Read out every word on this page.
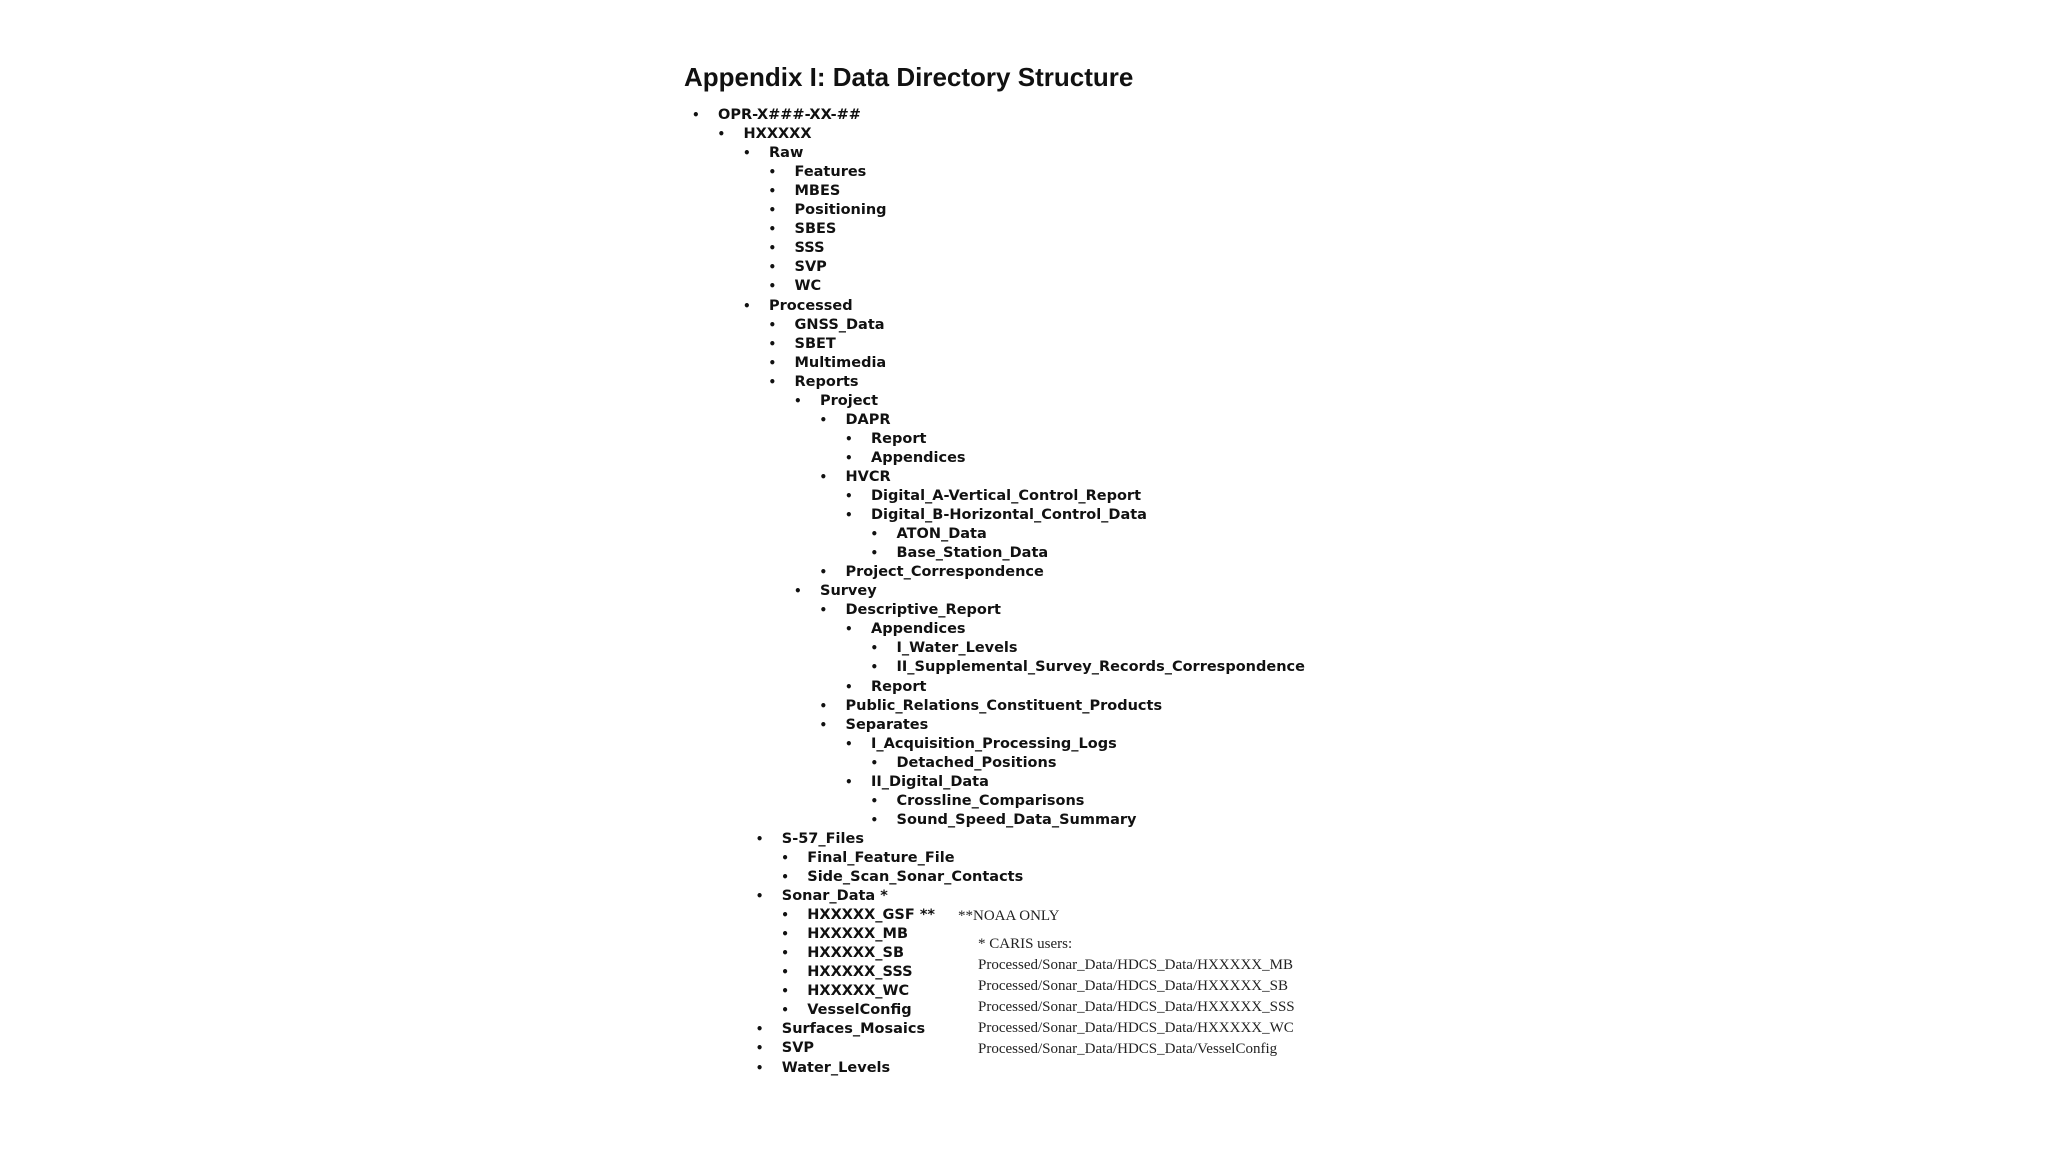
Appendix I: Data Directory Structure
• OPR-X###-XX-##
• HXXXXX
• Raw
• Features
• MBES
• Positioning
• SBES
• SSS
• SVP
• WC
• Processed
• GNSS_Data
• SBET
• Multimedia
• Reports
• Project
• DAPR
• Report
• Appendices
• HVCR
• Digital_A-Vertical_Control_Report
• Digital_B-Horizontal_Control_Data
• ATON_Data
• Base_Station_Data
• Project_Correspondence
• Survey
• Descriptive_Report
• Appendices
• I_Water_Levels
• II_Supplemental_Survey_Records_Correspondence
• Report
• Public_Relations_Constituent_Products
• Separates
• I_Acquisition_Processing_Logs
• Detached_Positions
• II_Digital_Data
• Crossline_Comparisons
• Sound_Speed_Data_Summary
• S-57_Files
• Final_Feature_File
• Side_Scan_Sonar_Contacts
• Sonar_Data *
• HXXXXX_GSF **
• HXXXXX_MB
• HXXXXX_SB
• HXXXXX_SSS
• HXXXXX_WC
• VesselConfig
• Surfaces_Mosaics
• SVP
• Water_Levels
**NOAA ONLY
* CARIS users:
Processed/Sonar_Data/HDCS_Data/HXXXXX_MB
Processed/Sonar_Data/HDCS_Data/HXXXXX_SB
Processed/Sonar_Data/HDCS_Data/HXXXXX_SSS
Processed/Sonar_Data/HDCS_Data/HXXXXX_WC
Processed/Sonar_Data/HDCS_Data/VesselConfig
